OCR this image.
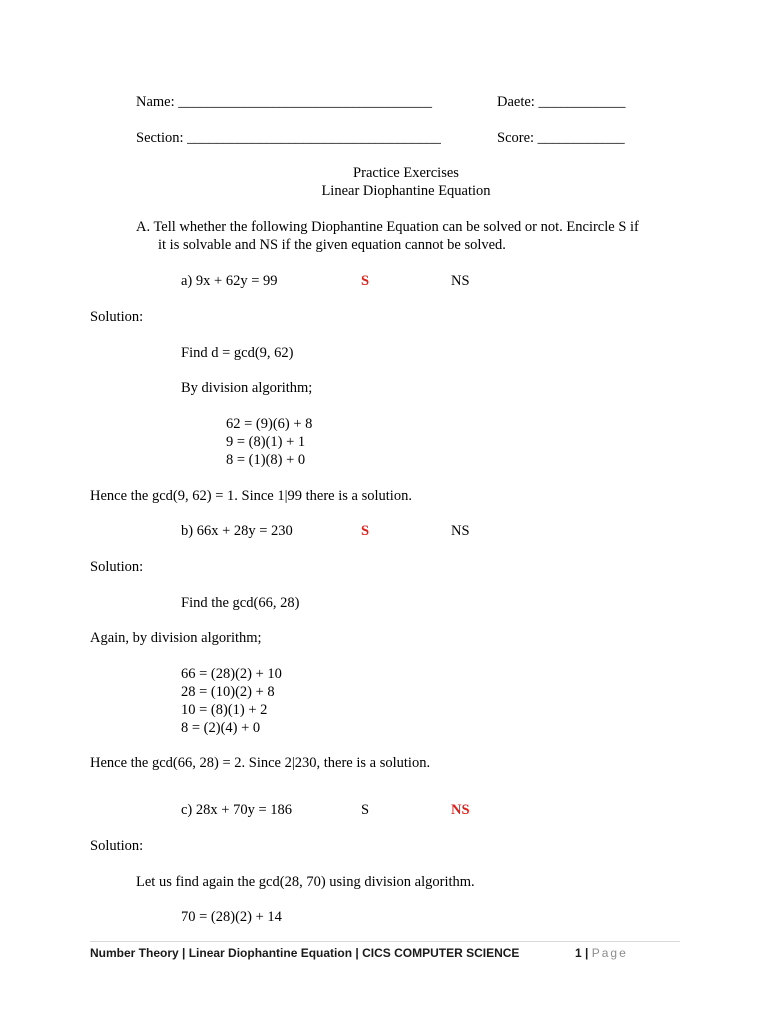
Name: ___________________________________	Daete: ____________
Section: ___________________________________	Score: ____________
Practice Exercises
Linear Diophantine Equation
A. Tell whether the following Diophantine Equation can be solved or not. Encircle S if
it is solvable and NS if the given equation cannot be solved.
a) 9x + 62y = 99	S	NS
Solution:
Find d = gcd(9, 62)
By division algorithm;
62 = (9)(6) + 8
9 = (8)(1) + 1
8 = (1)(8) + 0
Hence the gcd(9, 62) = 1. Since 1|99 there is a solution.
b) 66x + 28y = 230	S	NS
Solution:
Find the gcd(66, 28)
Again, by division algorithm;
66 = (28)(2) + 10
28 = (10)(2) + 8
10 = (8)(1) + 2
8 = (2)(4) + 0
Hence the gcd(66, 28) = 2. Since 2|230, there is a solution.
c) 28x + 70y = 186	S	NS
Solution:
Let us find again the gcd(28, 70) using division algorithm.
70 = (28)(2) + 14
Number Theory | Linear Diophantine Equation | CICS COMPUTER SCIENCE	1 | Page
